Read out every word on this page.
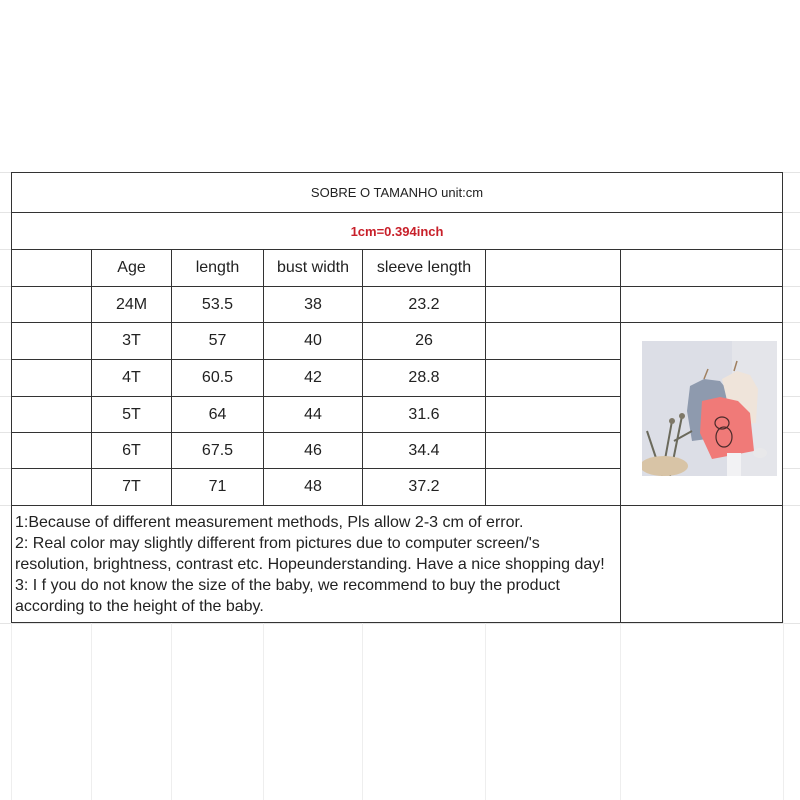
SOBRE O TAMANHO unit:cm
1cm=0.394inch
Age	length	bust width	sleeve length
24M	53.5	38	23.2
3T	57	40	26
4T	60.5	42	28.8
5T	64	44	31.6
6T	67.5	46	34.4
7T	71	48	37.2
1:Because of different measurement methods, Pls allow 2-3 cm of error.
2: Real color may slightly different from pictures due to computer screen/'s
resolution, brightness, contrast etc. Hopeunderstanding. Have a nice shopping day!
3: I f you do not know the size of the baby, we recommend to buy the product
according to the height of the baby.
